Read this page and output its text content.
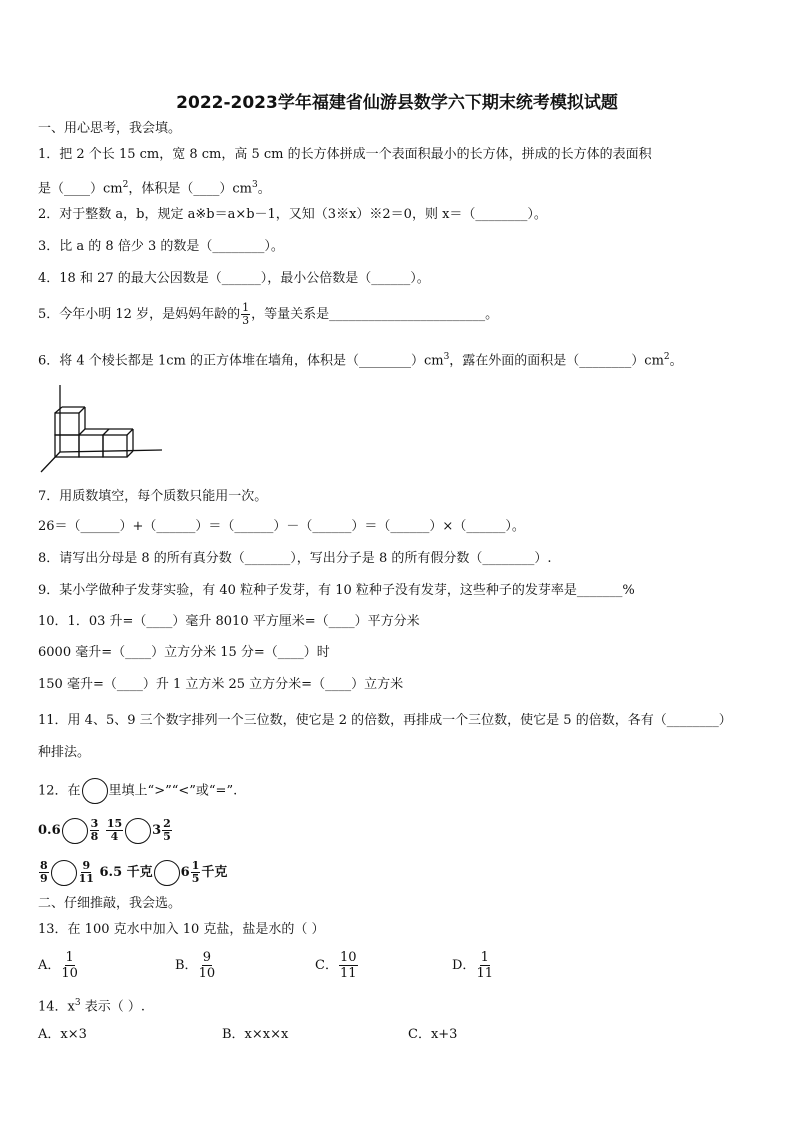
2022-2023学年福建省仙游县数学六下期末统考模拟试题
一、用心思考，我会填。
1．把 2 个长 15 cm，宽 8 cm，高 5 cm 的长方体拼成一个表面积最小的长方体，拼成的长方体的表面积
是$(\_\_\_\_)cm^2$，体积是$(\_\_\_\_)cm^3$。
2．对于整数 a，b，规定 a※b＝a×b－1，又知（3※x）※2＝0，则 x＝（________）。
3．比 a 的 8 倍少 3 的数是（________）。
4．18 和 27 的最大公因数是（______），最小公倍数是（______）。
5．今年小明 12 岁，是妈妈年龄的 $\frac{1}{3}$ ，等量关系是________________________。
6．将 4 个棱长都是 1cm 的正方体堆在墙角，体积是$(\_\_\_\_\_\_\_\_)cm^3$，露在外面的面积是$(\_\_\_\_\_\_\_\_)cm^2$。
7．用质数填空，每个质数只能用一次。
26＝（______）+（______）＝（______）－（______）＝（______）×（______）。
8．请写出分母是 8 的所有真分数（_______），写出分子是 8 的所有假分数（________）.
9．某小学做种子发芽实验，有 40 粒种子发芽，有 10 粒种子没有发芽，这些种子的发芽率是_______%
10．1．03 升=（____）毫升 8010 平方厘米=（____）平方分米
6000 毫升=（____）立方分米 15 分=（____）时
150 毫升=（____）升 1 立方米 25 立方分米=（____）立方米
11．用 4、5、9 三个数字排列一个三位数，使它是 2 的倍数，再排成一个三位数，使它是 5 的倍数，各有（________）
种排法。
12．在 里填上“>”“<”或“=”.
0.6	$\frac{3}{8}$
$\frac{15}{4} 3 \frac{2}{5}$
$\frac{8}{9}$	$\frac{9}{11} 6.5$ 千克 $6 \frac{1}{5}$ 千克
二、仔细推敲，我会选。
13．在 100 克水中加入 10 克盐，盐是水的（ ）
A． $\frac{1}{10}$	B． $\frac{9}{10}$	C． $\frac{10}{11}$	D． $\frac{1}{11}$
14．$x^3$ 表示（ ）.
A．x×3	B．x×x×x	C．x+3
